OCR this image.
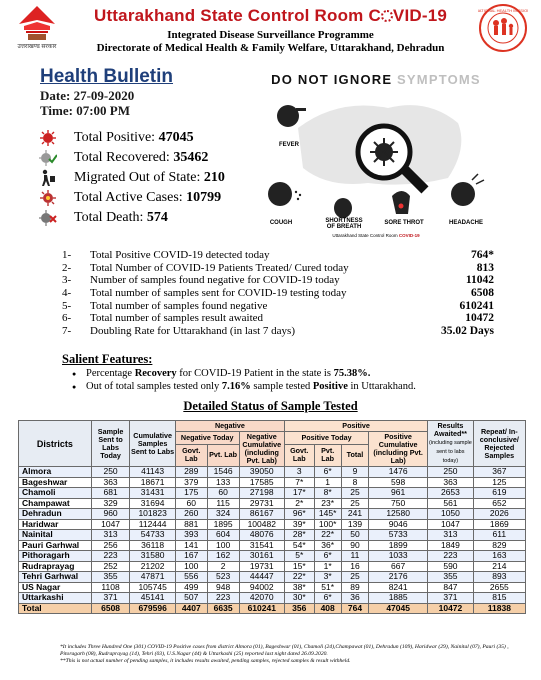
उत्तराखण्ड सरकार
Uttarakhand State Control Room C VID-19
Integrated Disease Surveillance Programme
Directorate of Medical Health & Family Welfare, Uttarakhand, Dehradun
NATIONAL HEALTH MISSION
Health Bulletin
Date: 27-09-2020
Time: 07:00 PM
Total Positive: 47045
Total Recovered: 35462
Migrated Out of State: 210
Total Active Cases: 10799
Total Death: 574
DO NOT IGNORE SYMPTOMS
FEVER
COUGH	SHORTNESS OF BREATH
SORE THROT	HEADACHE
Uttarakhand State Control Room COVID-19
1-	Total Positive COVID-19 detected today	764*
2-	Total Number of COVID-19 Patients Treated/ Cured today	813
3-	Number of samples found negative for COVID-19 today	11042
4-	Total number of samples sent for COVID-19 testing today	6508
5-	Total number of samples found negative	610241
6-	Total number of samples result awaited	10472
7-	Doubling Rate for Uttarakhand (in last 7 days)	35.02 Days
Salient Features:
● Percentage Recovery for COVID-19 Patient in the state is 75.38%.
● Out of total samples tested only 7.16% sample tested Positive in Uttarakhand.
Detailed Status of Sample Tested
Districts	Sample Sent to Labs Today	Cumulative Samples Sent to Labs	Negative			Positive				Results Awaited**
(including sample sent to labs today)	Repeat/ In-conclusive/ Rejected Samples
			Negative Today		Negative Cumulative (including Pvt. Lab)	Positive Today			Positive Cumulative (including Pvt. Lab)		
			Govt. Lab	Pvt. Lab		Govt. Lab	Pvt. Lab	Total			
Almora	250	41143	289	1546	39050	3	6*	9	1476	250	367
Bageshwar	363	18671	379	133	17585	7*	1	8	598	363	125
Chamoli	681	31431	175	60	27198	17*	8*	25	961	2653	619
Champawat	329	31694	60	115	29731	2*	23*	25	750	561	652
Dehradun	960	101823	260	324	86167	96*	145*	241	12580	1050	2026
Haridwar	1047	112444	881	1895	100482	39*	100*	139	9046	1047	1869
Nainital	313	54733	393	604	48076	28*	22*	50	5733	313	611
Pauri Garhwal	256	36118	141	100	31541	54*	36*	90	1899	1849	829
Pithoragarh	223	31580	167	162	30161	5*	6*	11	1033	223	163
Rudraprayag	252	21202	100	2	19731	15*	1*	16	667	590	214
Tehri Garhwal	355	47871	556	523	44447	22*	3*	25	2176	355	893
US Nagar	1108	105745	499	948	94002	38*	51*	89	8241	847	2655
Uttarkashi	371	45141	507	223	42070	30*	6*	36	1885	371	815
Total	6508	679596	4407	6635	610241	356	408	764	47045	10472	11838
*It includes Three Hundred One (301) COVID-19 Positive cases from district Almora (01), Bageshwar (01), Chamoli (24),Champawat (01), Dehradun (109), Haridwar (29), Nainital (07), Pauri (35) , Pitoragarh (08), Rudraprayag (14), Tehri (03), U.S.Nagar (44) & Uttarkashi (25) reported last night dated 26.09.2020.
**This is not actual number of pending samples, it includes results awaited, pending samples, rejected samples & result withheld.
